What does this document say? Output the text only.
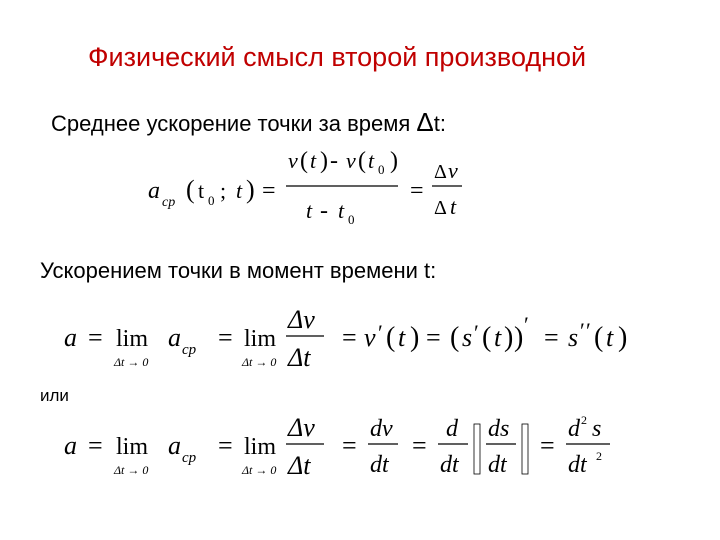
Физический смысл второй производной
Среднее ускорение точки за время Δt:
a cp ( t 0 ; t ) =
v ( t ) - v ( t 0 )
t - t 0
=
Δ v
Δ t
Ускорением точки в момент времени t:
a = lim
Δt → 0
a cp = lim
Δt → 0
Δv
Δt
= v ′ ( t ) = ( s ′ ( t ) ) ′ = s ′ ′ ( t )
или
a = lim
Δt → 0
a cp = lim
Δt → 0
Δv
Δt
=
dv
dt
=
d
dt
ds
dt
=
d 2 s
dt 2
